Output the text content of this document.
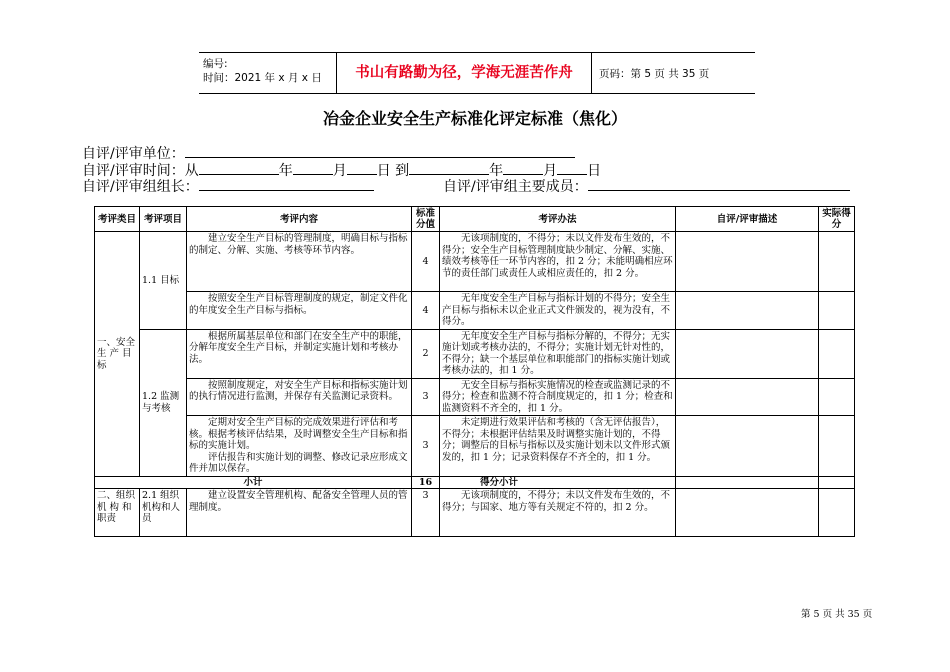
编号:
时间：2021 年 x 月 x 日	书山有路勤为径，学海无涯苦作舟	页码：第 5 页 共 35 页
冶金企业安全生产标准化评定标准（焦化）
自评/评审单位：
自评/评审时间：从	年	月 日 到	年	月 日
自评/评审组组长：	自评/评审组主要成员：
考评类目	考评项目	考评内容	标准分值	考评办法	自评/评审描述	实际得分
一、安全生 产 目标	1.1 目标	建立安全生产目标的管理制度，明确目标与指标的制定、分解、实施、考核等环节内容。	4	无该项制度的，不得分；未以文件发布生效的，不得分；安全生产目标管理制度缺少制定、分解、实施、绩效考核等任一环节内容的，扣 2 分；未能明确相应环节的责任部门或责任人或相应责任的，扣 2 分。		
		按照安全生产目标管理制度的规定，制定文件化的年度安全生产目标与指标。	4	无年度安全生产目标与指标计划的不得分；安全生产目标与指标未以企业正式文件颁发的，视为没有，不得分。		
	1.2 监测与考核	根据所属基层单位和部门在安全生产中的职能，分解年度安全生产目标，并制定实施计划和考核办法。	2	无年度安全生产目标与指标分解的，不得分；无实施计划或考核办法的，不得分；实施计划无针对性的，不得分；缺一个基层单位和职能部门的指标实施计划或考核办法的，扣 1 分。		
		按照制度规定，对安全生产目标和指标实施计划的执行情况进行监测，并保存有关监测记录资料。	3	无安全目标与指标实施情况的检查或监测记录的不得分；检查和监测不符合制度规定的，扣 1 分；检查和监测资料不齐全的，扣 1 分。		

		定期对安全生产目标的完成效果进行评估和考核。根据考核评估结果，及时调整安全生产目标和指标的实施计划。
评估报告和实施计划的调整、修改记录应形成文件并加以保存。	3	未定期进行效果评估和考核的（含无评估报告），不得分；未根据评估结果及时调整实施计划的，不得分；调整后的目标与指标以及实施计划未以文件形式颁发的，扣 1 分；记录资料保存不齐全的，扣 1 分。		
小计			16	得分小计		
二、组织机 构 和职责	2.1 组织机构和人员	建立设置安全管理机构、配备安全管理人员的管理制度。	3	无该项制度的，不得分；未以文件发布生效的，不得分；与国家、地方等有关规定不符的，扣 2 分。		
第 5 页 共 35 页
